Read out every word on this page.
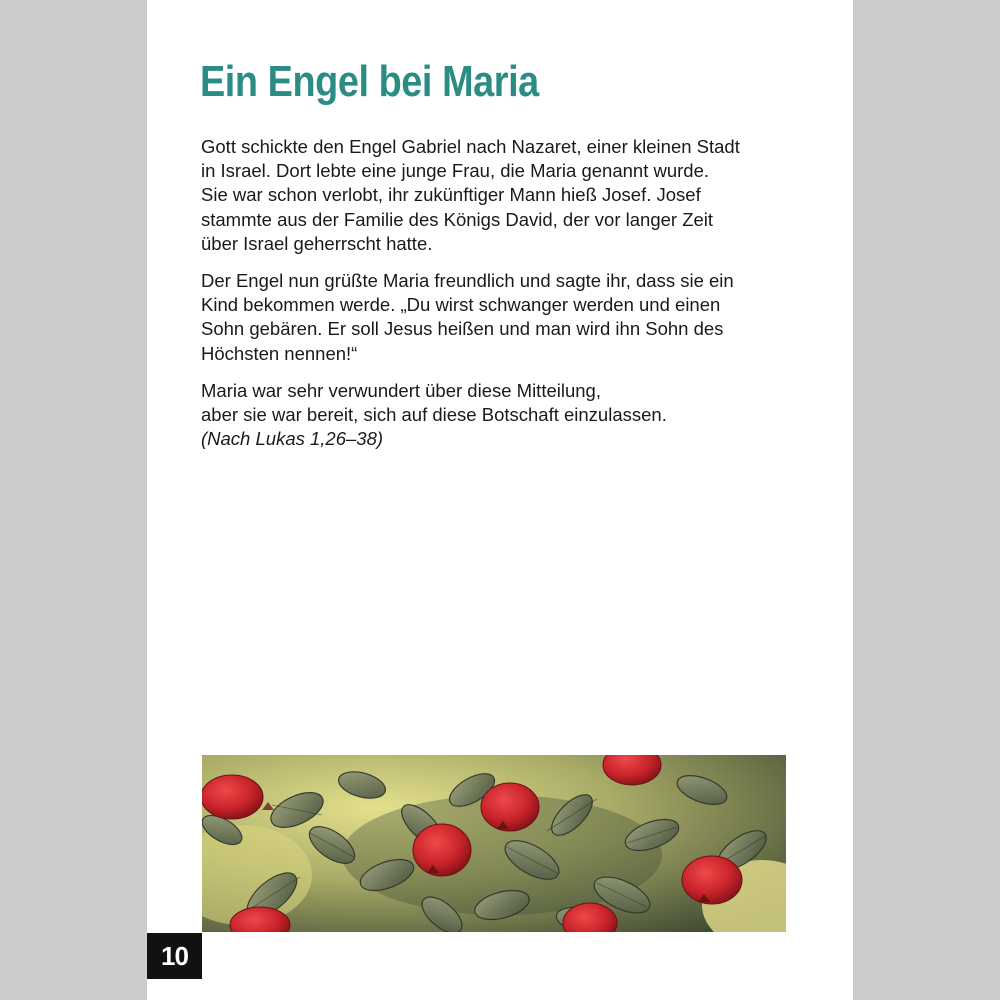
Ein Engel bei Maria

Gott schickte den Engel Gabriel nach Nazaret, einer kleinen Stadt
in Israel. Dort lebte eine junge Frau, die Maria genannt wurde.
Sie war schon verlobt, ihr zukünftiger Mann hieß Josef. Josef
stammte aus der Familie des Königs David, der vor langer Zeit
über Israel geherrscht hatte.

Der Engel nun grüßte Maria freundlich und sagte ihr, dass sie ein
Kind bekommen werde. „Du wirst schwanger werden und einen
Sohn gebären. Er soll Jesus heißen und man wird ihn Sohn des
Höchsten nennen!“

Maria war sehr verwundert über diese Mitteilung,
aber sie war bereit, sich auf diese Botschaft einzulassen.
(Nach Lukas 1,26–38)

10
